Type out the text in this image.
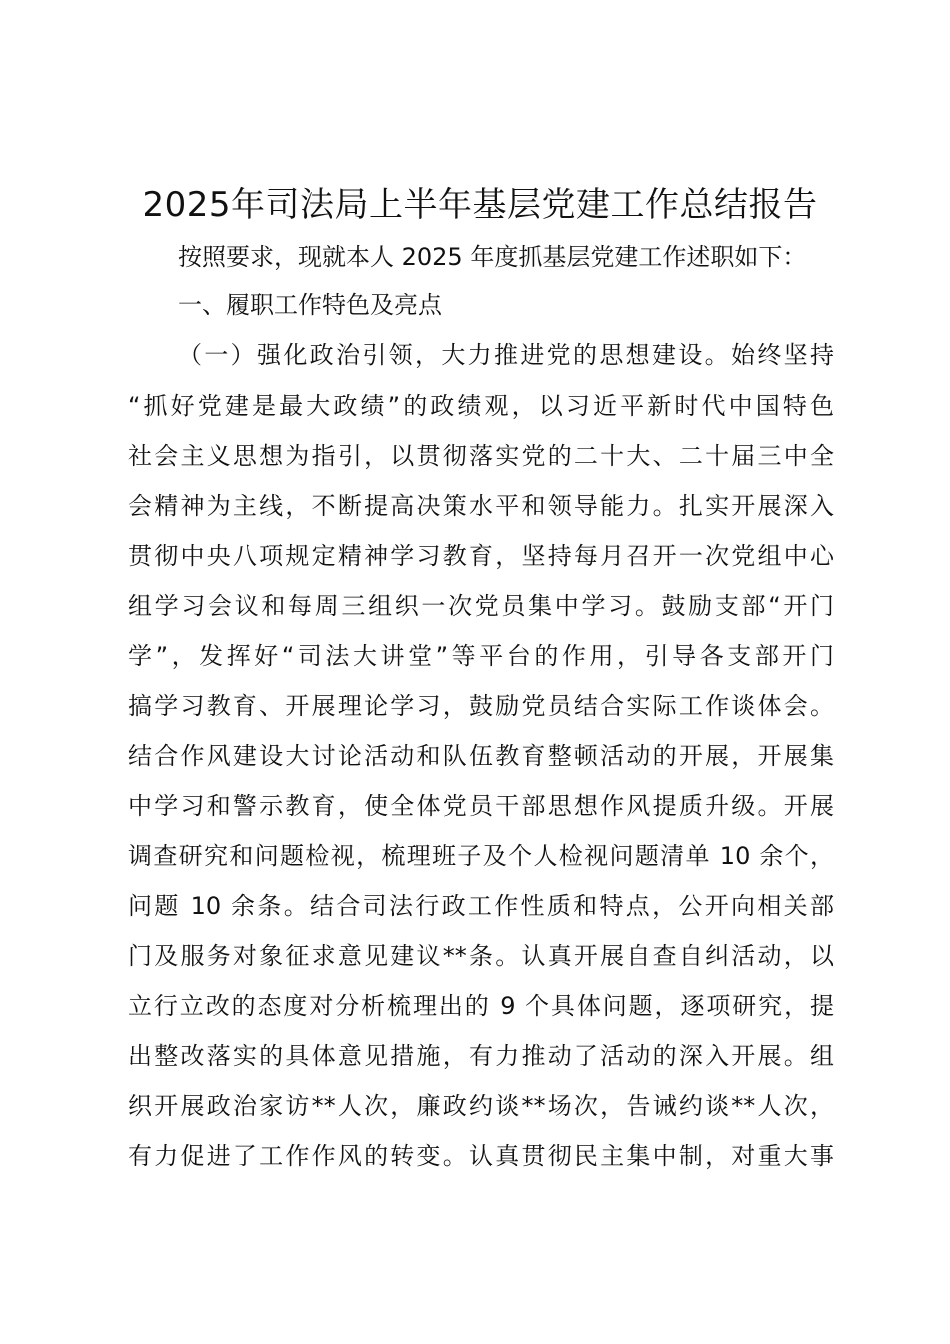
2025年司法局上半年基层党建工作总结报告
按照要求，现就本人 2025 年度抓基层党建工作述职如下：
一、履职工作特色及亮点
（一）强化政治引领，大力推进党的思想建设。始终坚持
“抓好党建是最大政绩”的政绩观，以习近平新时代中国特色
社会主义思想为指引，以贯彻落实党的二十大、二十届三中全
会精神为主线，不断提高决策水平和领导能力。扎实开展深入
贯彻中央八项规定精神学习教育，坚持每月召开一次党组中心
组学习会议和每周三组织一次党员集中学习。鼓励支部“开门
学”，发挥好“司法大讲堂”等平台的作用，引导各支部开门
搞学习教育、开展理论学习，鼓励党员结合实际工作谈体会。
结合作风建设大讨论活动和队伍教育整顿活动的开展，开展集
中学习和警示教育，使全体党员干部思想作风提质升级。开展
调查研究和问题检视，梳理班子及个人检视问题清单 10 余个，
问题 10 余条。结合司法行政工作性质和特点，公开向相关部
门及服务对象征求意见建议**条。认真开展自查自纠活动，以
立行立改的态度对分析梳理出的 9 个具体问题，逐项研究，提
出整改落实的具体意见措施，有力推动了活动的深入开展。组
织开展政治家访**人次，廉政约谈**场次，告诫约谈**人次，
有力促进了工作作风的转变。认真贯彻民主集中制，对重大事
